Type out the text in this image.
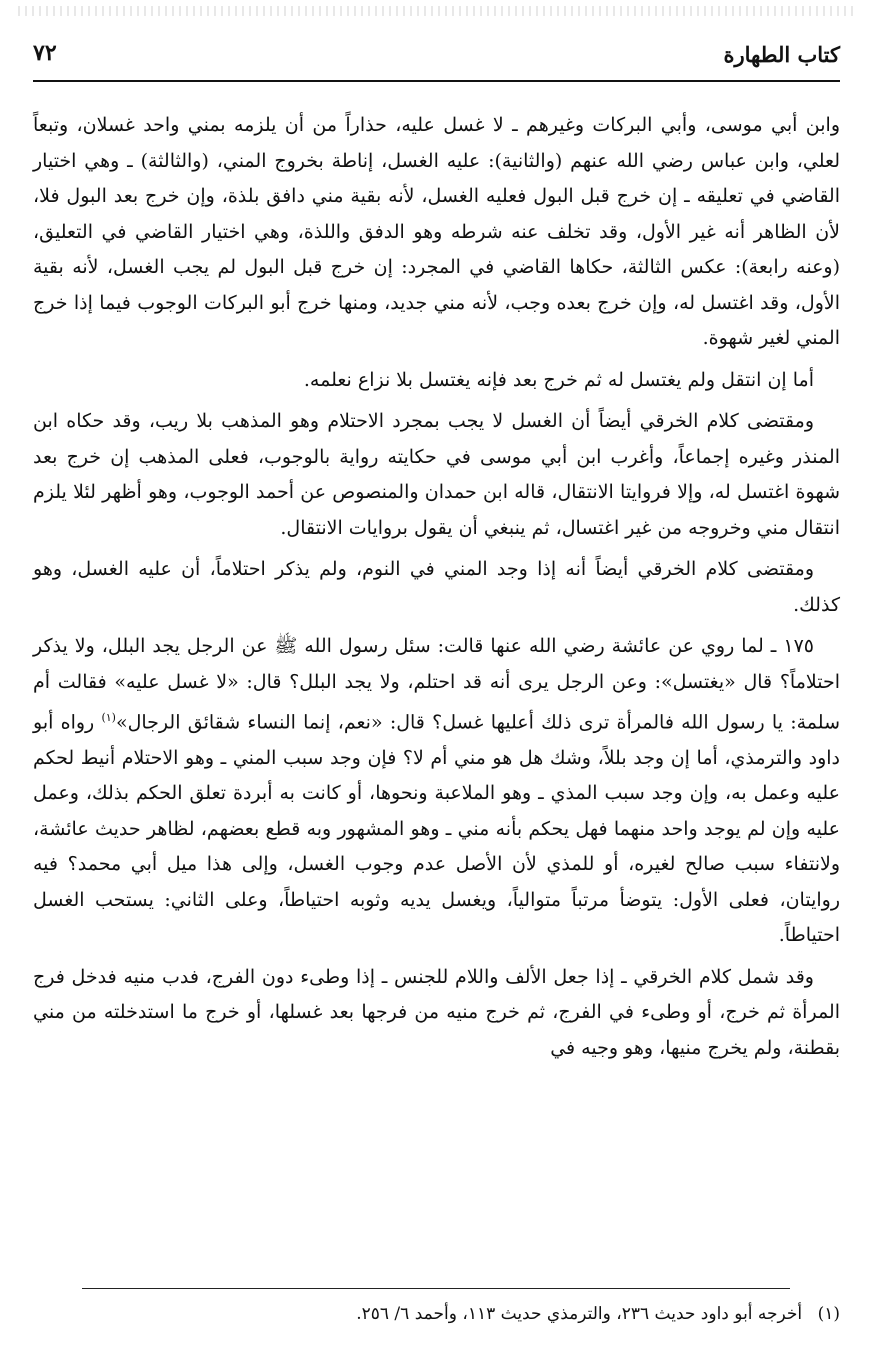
كتاب الطهارة
٧٢

وابن أبي موسى، وأبي البركات وغيرهم ـ لا غسل عليه، حذاراً من أن يلزمه بمني واحد غسلان، وتبعاً لعلي، وابن عباس رضي الله عنهم (والثانية): عليه الغسل، إناطة بخروج المني، (والثالثة) ـ وهي اختيار القاضي في تعليقه ـ إن خرج قبل البول فعليه الغسل، لأنه بقية مني دافق بلذة، وإن خرج بعد البول فلا، لأن الظاهر أنه غير الأول، وقد تخلف عنه شرطه وهو الدفق واللذة، وهي اختيار القاضي في التعليق، (وعنه رابعة): عكس الثالثة، حكاها القاضي في المجرد: إن خرج قبل البول لم يجب الغسل، لأنه بقية الأول، وقد اغتسل له، وإن خرج بعده وجب، لأنه مني جديد، ومنها خرج أبو البركات الوجوب فيما إذا خرج المني لغير شهوة.

أما إن انتقل ولم يغتسل له ثم خرج بعد فإنه يغتسل بلا نزاع نعلمه.

ومقتضى كلام الخرقي أيضاً أن الغسل لا يجب بمجرد الاحتلام وهو المذهب بلا ريب، وقد حكاه ابن المنذر وغيره إجماعاً، وأغرب ابن أبي موسى في حكايته رواية بالوجوب، فعلى المذهب إن خرج بعد شهوة اغتسل له، وإلا فروايتا الانتقال، قاله ابن حمدان والمنصوص عن أحمد الوجوب، وهو أظهر لئلا يلزم انتقال مني وخروجه من غير اغتسال، ثم ينبغي أن يقول بروايات الانتقال.

ومقتضى كلام الخرقي أيضاً أنه إذا وجد المني في النوم، ولم يذكر احتلاماً، أن عليه الغسل، وهو كذلك.

١٧٥ ـ لما روي عن عائشة رضي الله عنها قالت: سئل رسول الله ﷺ عن الرجل يجد البلل، ولا يذكر احتلاماً؟ قال «يغتسل»: وعن الرجل يرى أنه قد احتلم، ولا يجد البلل؟ قال: «لا غسل عليه» فقالت أم سلمة: يا رسول الله فالمرأة ترى ذلك أعليها غسل؟ قال: «نعم، إنما النساء شقائق الرجال»$^{(١)}$ رواه أبو داود والترمذي، أما إن وجد بللاً، وشك هل هو مني أم لا؟ فإن وجد سبب المني ـ وهو الاحتلام أنيط لحكم عليه وعمل به، وإن وجد سبب المذي ـ وهو الملاعبة ونحوها، أو كانت به أبردة تعلق الحكم بذلك، وعمل عليه وإن لم يوجد واحد منهما فهل يحكم بأنه مني ـ وهو المشهور وبه قطع بعضهم، لظاهر حديث عائشة، ولانتفاء سبب صالح لغيره، أو للمذي لأن الأصل عدم وجوب الغسل، وإلى هذا ميل أبي محمد؟ فيه روايتان، فعلى الأول: يتوضأ مرتباً متوالياً، ويغسل يديه وثوبه احتياطاً، وعلى الثاني: يستحب الغسل احتياطاً.

وقد شمل كلام الخرقي ـ إذا جعل الألف واللام للجنس ـ إذا وطىء دون الفرج، فدب منيه فدخل فرج المرأة ثم خرج، أو وطىء في الفرج، ثم خرج منيه من فرجها بعد غسلها، أو خرج ما استدخلته من مني بقطنة، ولم يخرج منيها، وهو وجيه في

(١) أخرجه أبو داود حديث ٢٣٦، والترمذي حديث ١١٣، وأحمد ٦/ ٢٥٦.
